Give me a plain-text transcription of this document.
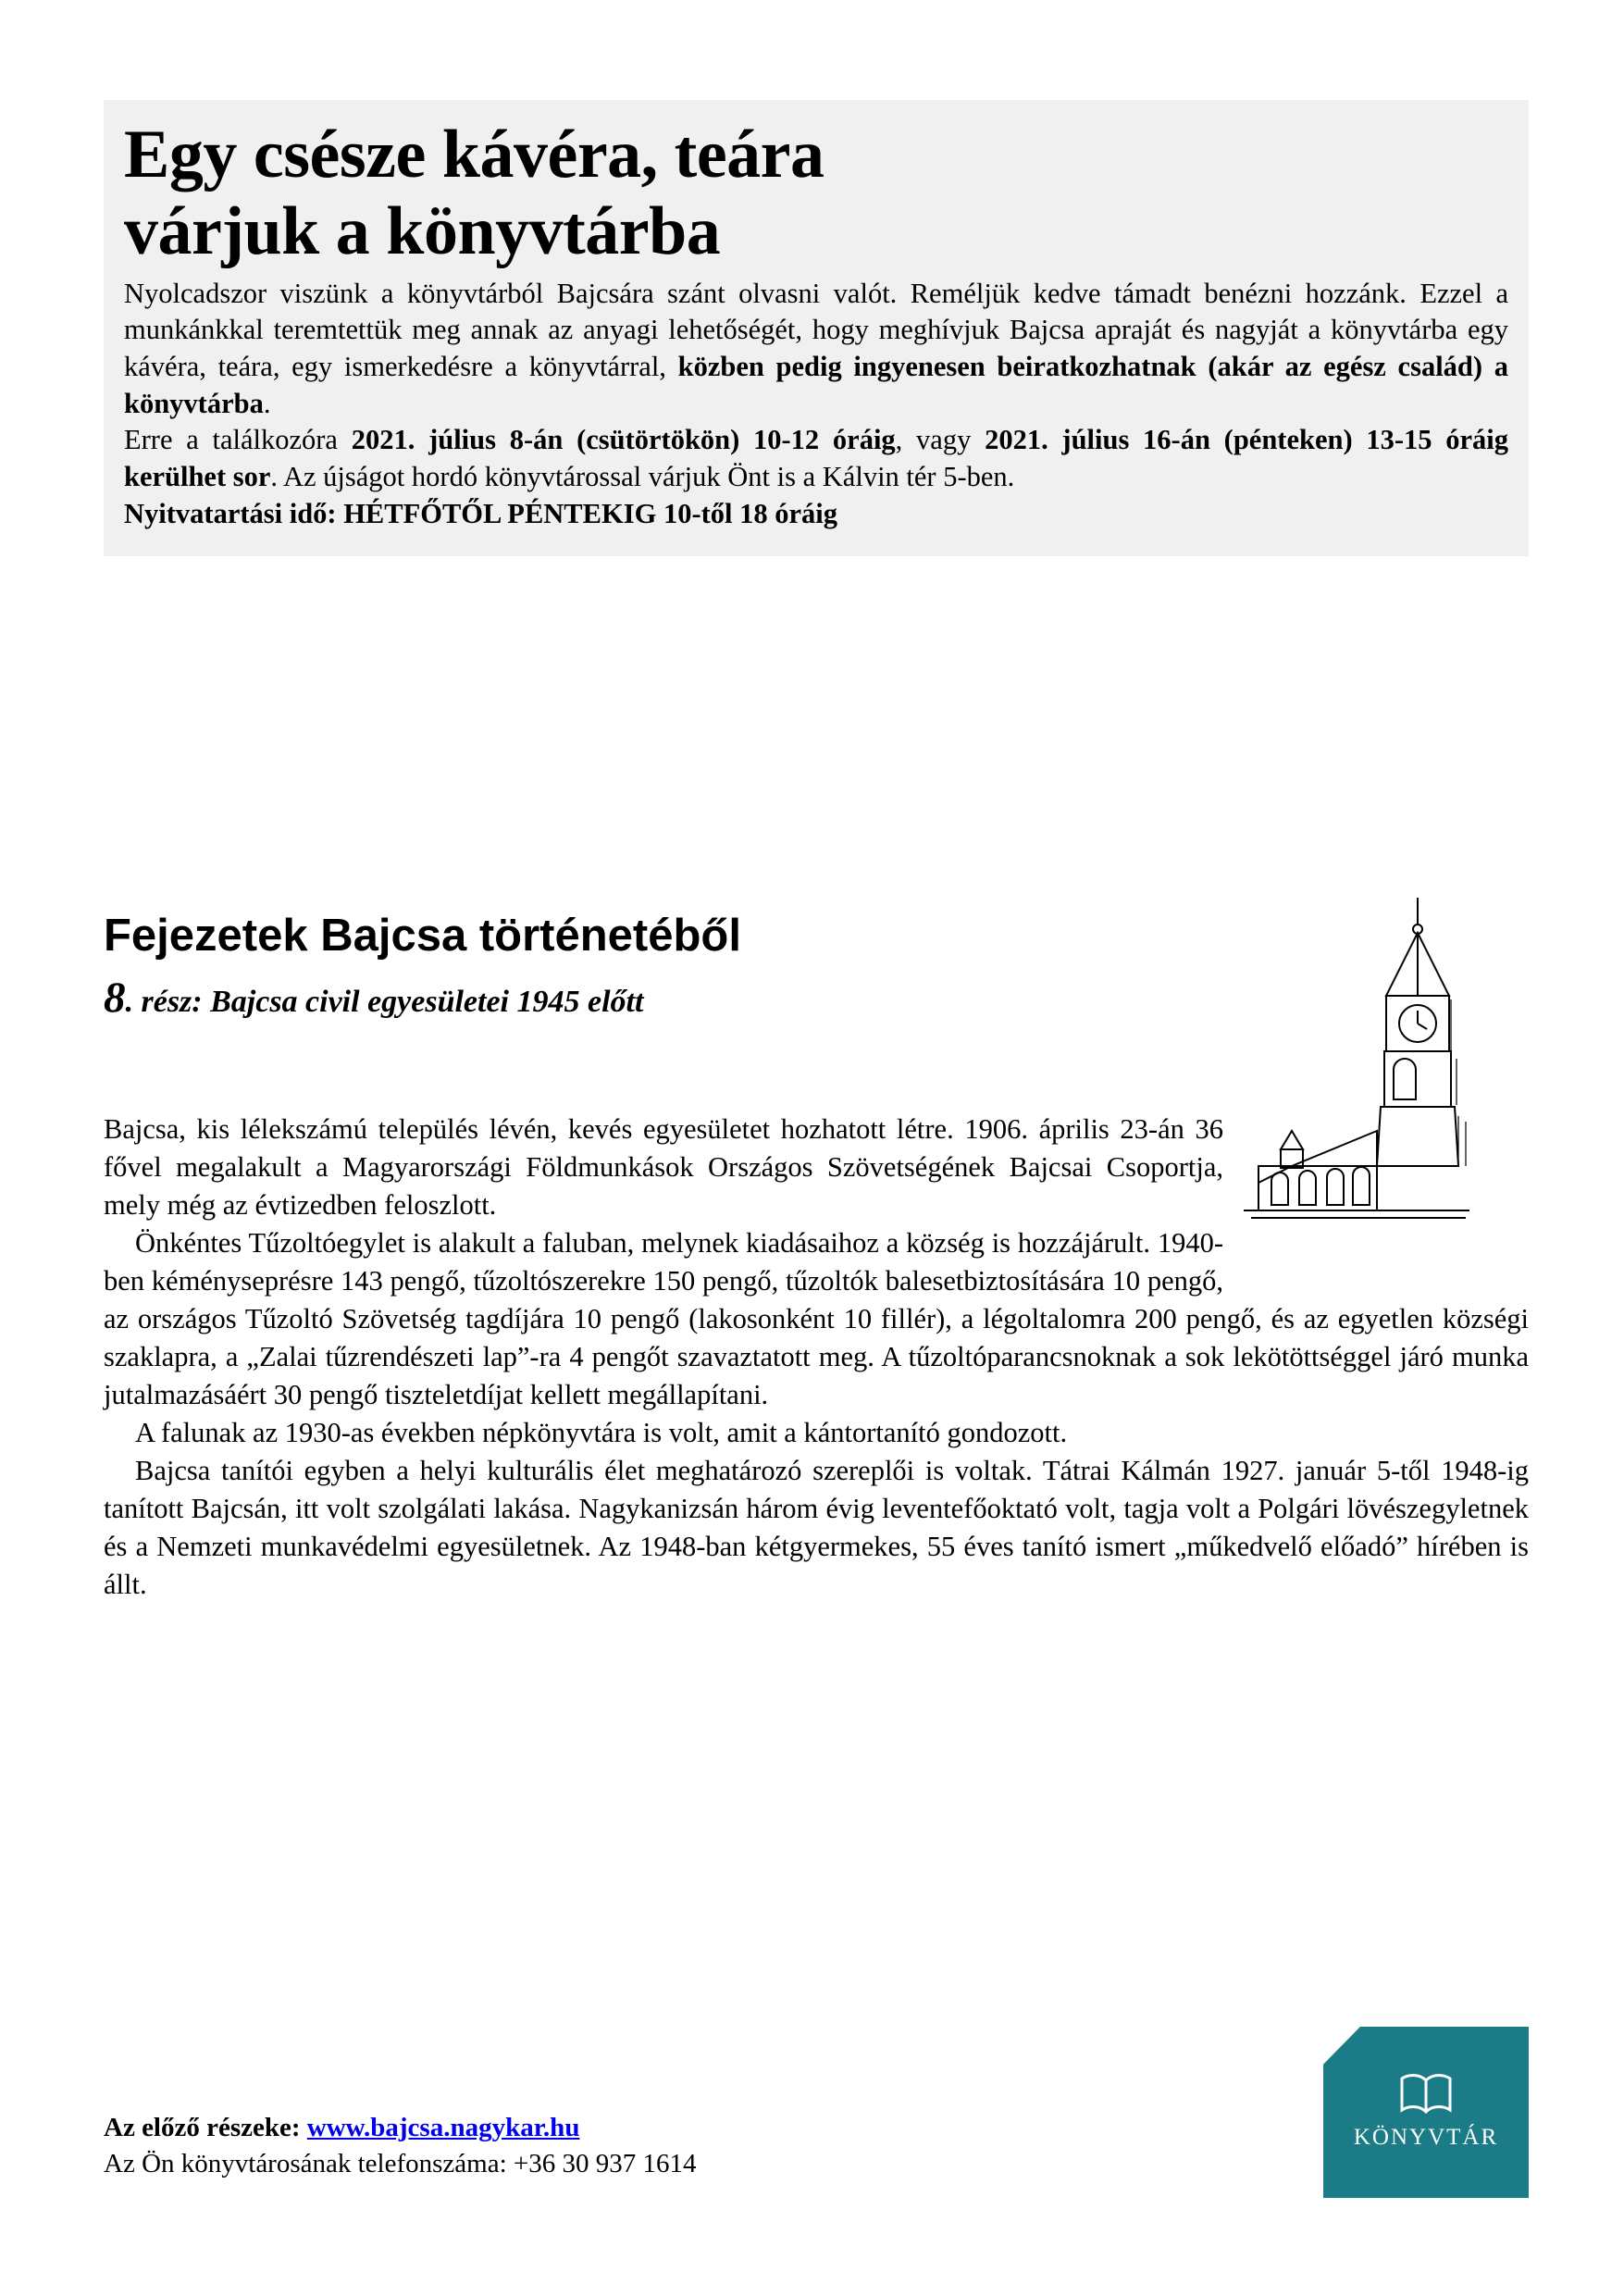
Egy csésze kávéra, teára
várjuk a könyvtárba

Nyolcadszor viszünk a könyvtárból Bajcsára szánt olvasni valót. Reméljük kedve támadt benézni hozzánk. Ezzel a munkánkkal teremtettük meg annak az anyagi lehetőségét, hogy meghívjuk Bajcsa apraját és nagyját a könyvtárba egy kávéra, teára, egy ismerkedésre a könyvtárral, közben pedig ingyenesen beiratkozhatnak (akár az egész család) a könyvtárba.

Erre a találkozóra 2021. július 8-án (csütörtökön) 10-12 óráig, vagy 2021. július 16-án (pénteken) 13-15 óráig kerülhet sor. Az újságot hordó könyvtárossal várjuk Önt is a Kálvin tér 5-ben.

Nyitvatartási idő: HÉTFŐTŐL PÉNTEKIG 10-től 18 óráig

Fejezetek Bajcsa történetéből

8. rész: Bajcsa civil egyesületei 1945 előtt

Bajcsa, kis lélekszámú település lévén, kevés egyesületet hozhatott létre. 1906. április 23-án 36 fővel megalakult a Magyarországi Földmunkások Országos Szövetségének Bajcsai Csoportja, mely még az évtizedben feloszlott.

Önkéntes Tűzoltóegylet is alakult a faluban, melynek kiadásaihoz a község is hozzájárult. 1940-ben kéményseprésre 143 pengő, tűzoltószerekre 150 pengő, tűzoltók balesetbiztosítására 10 pengő, az országos Tűzoltó Szövetség tagdíjára 10 pengő (lakosonként 10 fillér), a légoltalomra 200 pengő, és az egyetlen községi szaklapra, a „Zalai tűzrendészeti lap”-ra 4 pengőt szavaztatott meg. A tűzoltóparancsnoknak a sok lekötöttséggel járó munka jutalmazásáért 30 pengő tiszteletdíjat kellett megállapítani.

A falunak az 1930-as években népkönyvtára is volt, amit a kántortanító gondozott.

Bajcsa tanítói egyben a helyi kulturális élet meghatározó szereplői is voltak. Tátrai Kálmán 1927. január 5-től 1948-ig tanított Bajcsán, itt volt szolgálati lakása. Nagykanizsán három évig leventefőoktató volt, tagja volt a Polgári lövészegyletnek és a Nemzeti munkavédelmi egyesületnek. Az 1948-ban kétgyermekes, 55 éves tanító ismert „műkedvelő előadó” hírében is állt.

Az előző részeke: www.bajcsa.nagykar.hu
Az Ön könyvtárosának telefonszáma: +36 30 937 1614
KÖNYVTÁR
